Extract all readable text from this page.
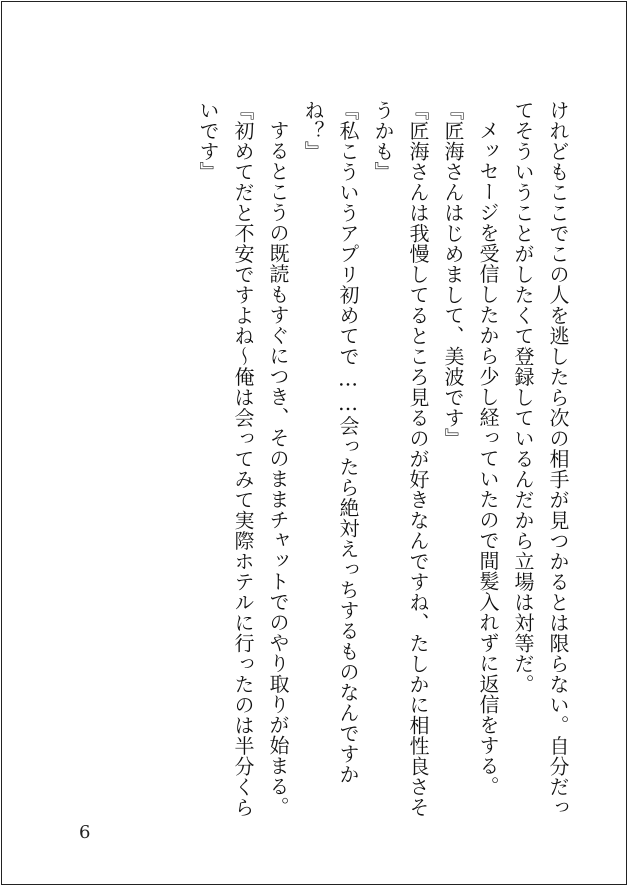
けれどもここでこの人を逃したら次の相手が見つかるとは限らない。自分だってそういうことがしたくて登録しているんだから立場は対等だ。

メッセージを受信したから少し経っていたので間髪入れずに返信をする。

『匠海さんはじめまして、美波です』

『匠海さんは我慢してるところ見るのが好きなんですね、たしかに相性良さそうかも』

『私こういうアプリ初めてで……会ったら絶対えっちするものなんですかね？』

するとこうの既読もすぐにつき、そのままチャットでのやり取りが始まる。

『初めてだと不安ですよね〜俺は会ってみて実際ホテルに行ったのは半分くらいです』

6
